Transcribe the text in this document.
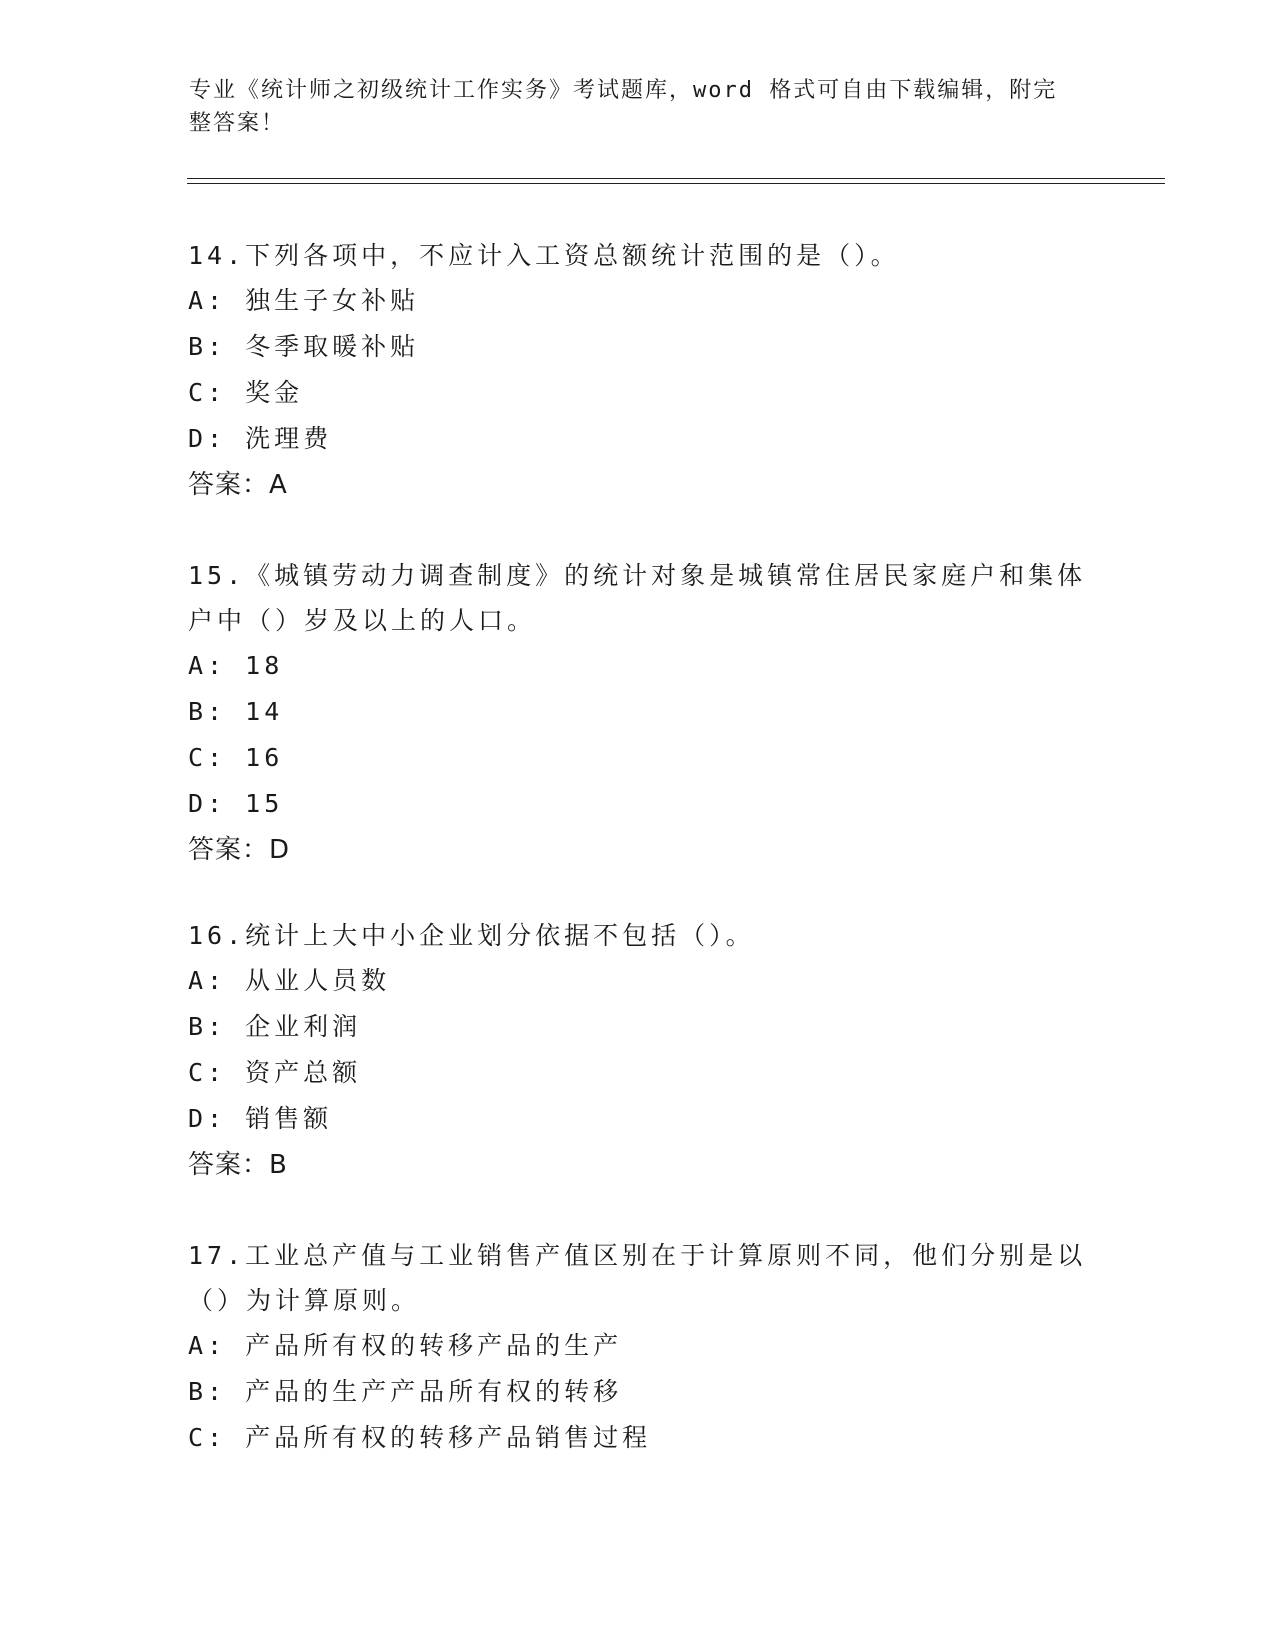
专业《统计师之初级统计工作实务》考试题库，word 格式可自由下载编辑，附完
整答案！

14.下列各项中，不应计入工资总额统计范围的是（）。

A: 独生子女补贴

B: 冬季取暖补贴

C: 奖金

D: 洗理费

答案：A

15.《城镇劳动力调查制度》的统计对象是城镇常住居民家庭户和集体

户中（）岁及以上的人口。

A: 18

B: 14

C: 16

D: 15

答案：D

16.统计上大中小企业划分依据不包括（）。

A: 从业人员数

B: 企业利润

C: 资产总额

D: 销售额

答案：B

17.工业总产值与工业销售产值区别在于计算原则不同，他们分别是以

（）为计算原则。

A: 产品所有权的转移产品的生产

B: 产品的生产产品所有权的转移

C: 产品所有权的转移产品销售过程
